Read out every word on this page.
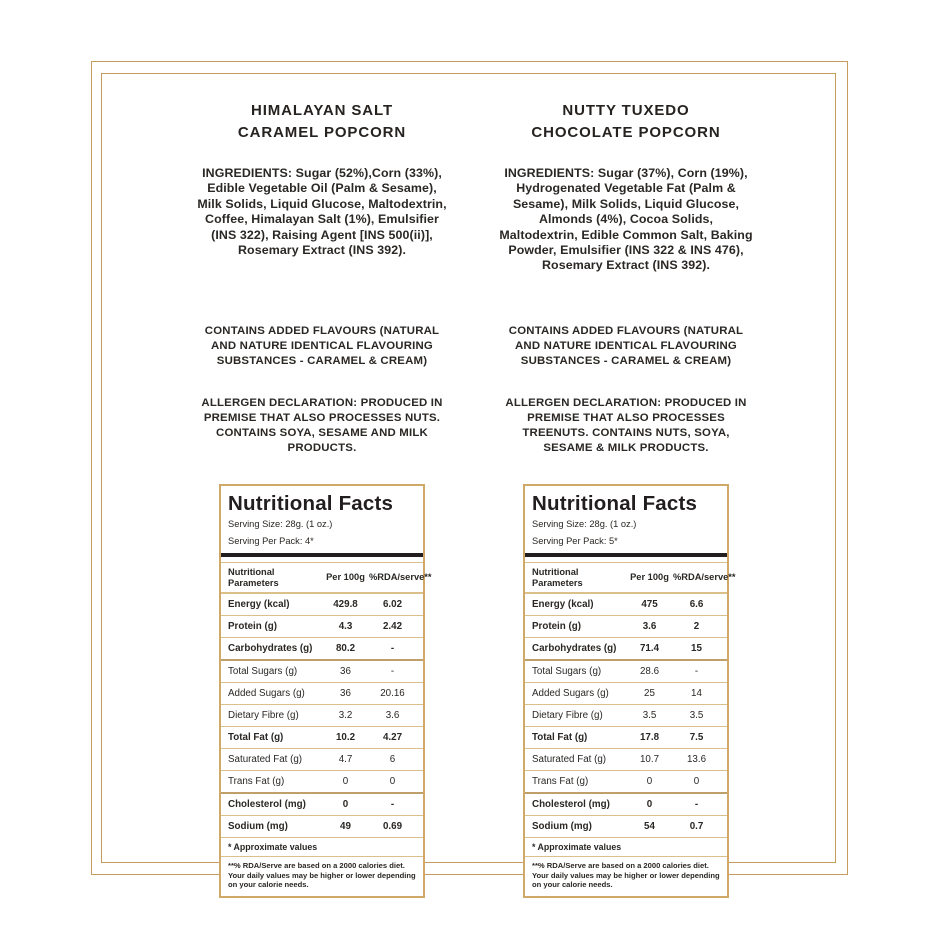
HIMALAYAN SALT
CARAMEL POPCORN

INGREDIENTS: Sugar (52%),Corn (33%), Edible Vegetable Oil (Palm & Sesame), Milk Solids, Liquid Glucose, Maltodextrin, Coffee, Himalayan Salt (1%), Emulsifier (INS 322), Raising Agent [INS 500(ii)], Rosemary Extract (INS 392).

CONTAINS ADDED FLAVOURS (NATURAL AND NATURE IDENTICAL FLAVOURING SUBSTANCES - CARAMEL & CREAM)

ALLERGEN DECLARATION: PRODUCED IN PREMISE THAT ALSO PROCESSES NUTS. CONTAINS SOYA, SESAME AND MILK PRODUCTS.

Nutritional Facts
Serving Size: 28g. (1 oz.)
Serving Per Pack: 4*
Nutritional Parameters
Per 100g %RDA/serve**
Energy (kcal)	429.8	6.02
Protein (g)	4.3	2.42
Carbohydrates (g)	80.2	-
Total Sugars (g)	36	-
Added Sugars (g)	36	20.16
Dietary Fibre (g)	3.2	3.6
Total Fat (g)	10.2	4.27
Saturated Fat (g)	4.7	6
Trans Fat (g)	0	0
Cholesterol (mg)	0	-
Sodium (mg)	49	0.69
* Approximate values
**% RDA/Serve are based on a 2000 calories diet. Your daily values may be higher or lower depending on your calorie needs.
NUTTY TUXEDO
CHOCOLATE POPCORN

INGREDIENTS: Sugar (37%), Corn (19%), Hydrogenated Vegetable Fat (Palm & Sesame), Milk Solids, Liquid Glucose, Almonds (4%), Cocoa Solids, Maltodextrin, Edible Common Salt, Baking Powder, Emulsifier (INS 322 & INS 476), Rosemary Extract (INS 392).

CONTAINS ADDED FLAVOURS (NATURAL AND NATURE IDENTICAL FLAVOURING SUBSTANCES - CARAMEL & CREAM)

ALLERGEN DECLARATION: PRODUCED IN PREMISE THAT ALSO PROCESSES TREENUTS. CONTAINS NUTS, SOYA, SESAME & MILK PRODUCTS.

Nutritional Facts
Serving Size: 28g. (1 oz.)
Serving Per Pack: 5*
Nutritional Parameters
Per 100g %RDA/serve**
Energy (kcal)	475	6.6
Protein (g)	3.6	2
Carbohydrates (g)	71.4	15
Total Sugars (g)	28.6	-
Added Sugars (g)	25	14
Dietary Fibre (g)	3.5	3.5
Total Fat (g)	17.8	7.5
Saturated Fat (g)	10.7	13.6
Trans Fat (g)	0	0
Cholesterol (mg)	0	-
Sodium (mg)	54	0.7
* Approximate values
**% RDA/Serve are based on a 2000 calories diet. Your daily values may be higher or lower depending on your calorie needs.
